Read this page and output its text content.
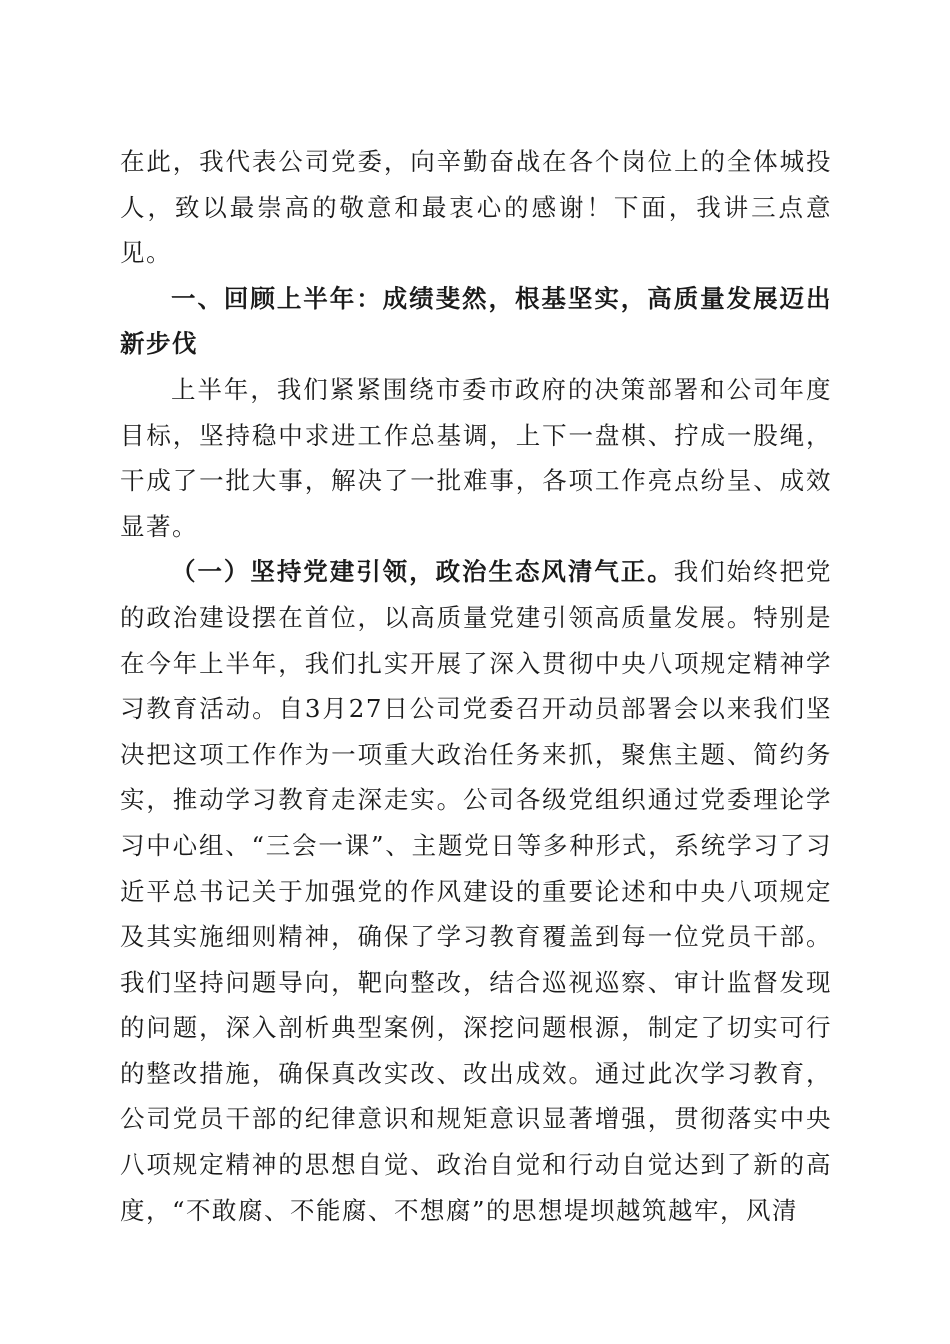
在此，我代表公司党委，向辛勤奋战在各个岗位上的全体城投人，致以最崇高的敬意和最衷心的感谢！下面，我讲三点意见。

一、回顾上半年：成绩斐然，根基坚实，高质量发展迈出新步伐

上半年，我们紧紧围绕市委市政府的决策部署和公司年度目标，坚持稳中求进工作总基调，上下一盘棋、拧成一股绳，干成了一批大事，解决了一批难事，各项工作亮点纷呈、成效显著。

（一）坚持党建引领，政治生态风清气正。我们始终把党的政治建设摆在首位，以高质量党建引领高质量发展。特别是在今年上半年，我们扎实开展了深入贯彻中央八项规定精神学习教育活动。自3月27日公司党委召开动员部署会以来我们坚决把这项工作作为一项重大政治任务来抓，聚焦主题、简约务实，推动学习教育走深走实。公司各级党组织通过党委理论学习中心组、“三会一课”、主题党日等多种形式，系统学习了习近平总书记关于加强党的作风建设的重要论述和中央八项规定及其实施细则精神，确保了学习教育覆盖到每一位党员干部。我们坚持问题导向，靶向整改，结合巡视巡察、审计监督发现的问题，深入剖析典型案例，深挖问题根源，制定了切实可行的整改措施，确保真改实改、改出成效。通过此次学习教育，公司党员干部的纪律意识和规矩意识显著增强，贯彻落实中央八项规定精神的思想自觉、政治自觉和行动自觉达到了新的高度，“不敢腐、不能腐、不想腐”的思想堤坝越筑越牢，风清
